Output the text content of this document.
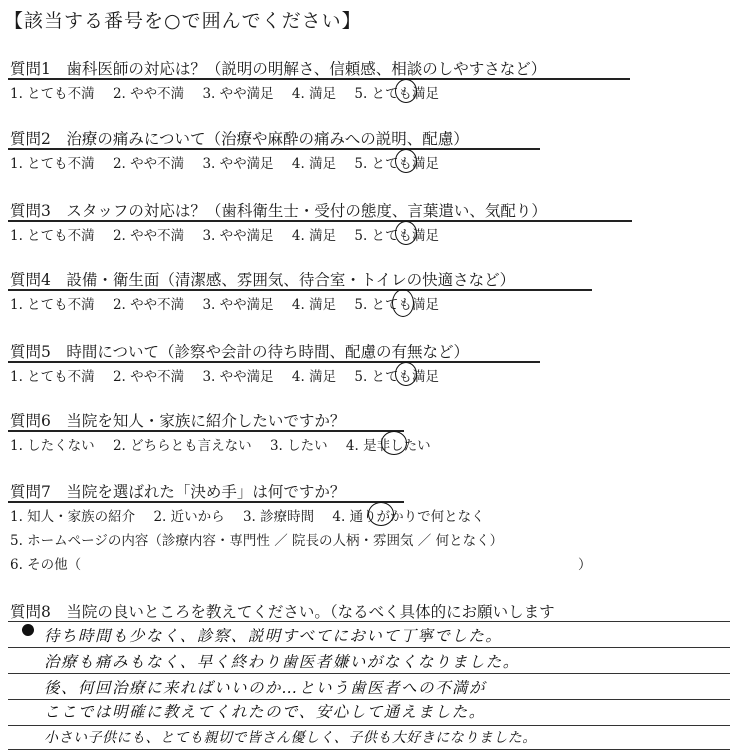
【該当する番号を○で囲んでください】
質問1　歯科医師の対応は？（説明の明解さ、信頼感、相談のしやすさなど）
1. とても不満 2. やや不満 3. やや満足 4. 満足 5. とても満足
質問2　治療の痛みについて（治療や麻酔の痛みへの説明、配慮）
1. とても不満 2. やや不満 3. やや満足 4. 満足 5. とても満足
質問3　スタッフの対応は？（歯科衛生士・受付の態度、言葉遣い、気配り）
1. とても不満 2. やや不満 3. やや満足 4. 満足 5. とても満足
質問4　設備・衛生面（清潔感、雰囲気、待合室・トイレの快適さなど）
1. とても不満 2. やや不満 3. やや満足 4. 満足 5. とても満足
質問5　時間について（診察や会計の待ち時間、配慮の有無など）
1. とても不満 2. やや不満 3. やや満足 4. 満足 5. とても満足
質問6　当院を知人・家族に紹介したいですか？
1. したくない 2. どちらとも言えない 3. したい 4. 是非したい
質問7　当院を選ばれた「決め手」は何ですか？
1. 知人・家族の紹介 2. 近いから 3. 診療時間 4. 通りがかりで何となく
5. ホームページの内容（診療内容・専門性 ／ 院長の人柄・雰囲気 ／ 何となく）
6. その他（	）
質問8　当院の良いところを教えてください。（なるべく具体的にお願いします
待ち時間も少なく、診察、説明すべてにおいて丁寧でした。
治療も痛みもなく、早く終わり歯医者嫌いがなくなりました。
後、何回治療に来ればいいのか…という歯医者への不満が
ここでは明確に教えてくれたので、安心して通えました。
小さい子供にも、とても親切で皆さん優しく、子供も大好きになりました。
